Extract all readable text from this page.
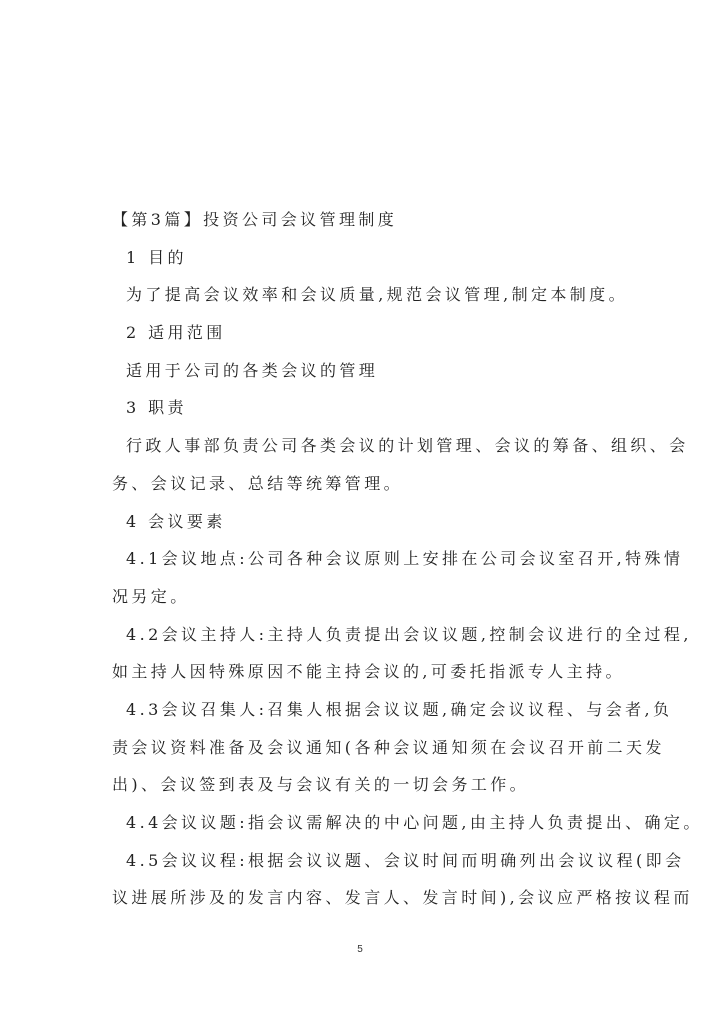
【第3篇】投资公司会议管理制度
1 目的
为了提高会议效率和会议质量,规范会议管理,制定本制度。
2 适用范围
适用于公司的各类会议的管理
3 职责
行政人事部负责公司各类会议的计划管理、会议的筹备、组织、会
务、会议记录、总结等统筹管理。
4 会议要素
4.1会议地点:公司各种会议原则上安排在公司会议室召开,特殊情
况另定。
4.2会议主持人:主持人负责提出会议议题,控制会议进行的全过程,
如主持人因特殊原因不能主持会议的,可委托指派专人主持。
4.3会议召集人:召集人根据会议议题,确定会议议程、与会者,负
责会议资料准备及会议通知(各种会议通知须在会议召开前二天发
出)、会议签到表及与会议有关的一切会务工作。
4.4会议议题:指会议需解决的中心问题,由主持人负责提出、确定。
4.5会议议程:根据会议议题、会议时间而明确列出会议议程(即会
议进展所涉及的发言内容、发言人、发言时间),会议应严格按议程而
5
